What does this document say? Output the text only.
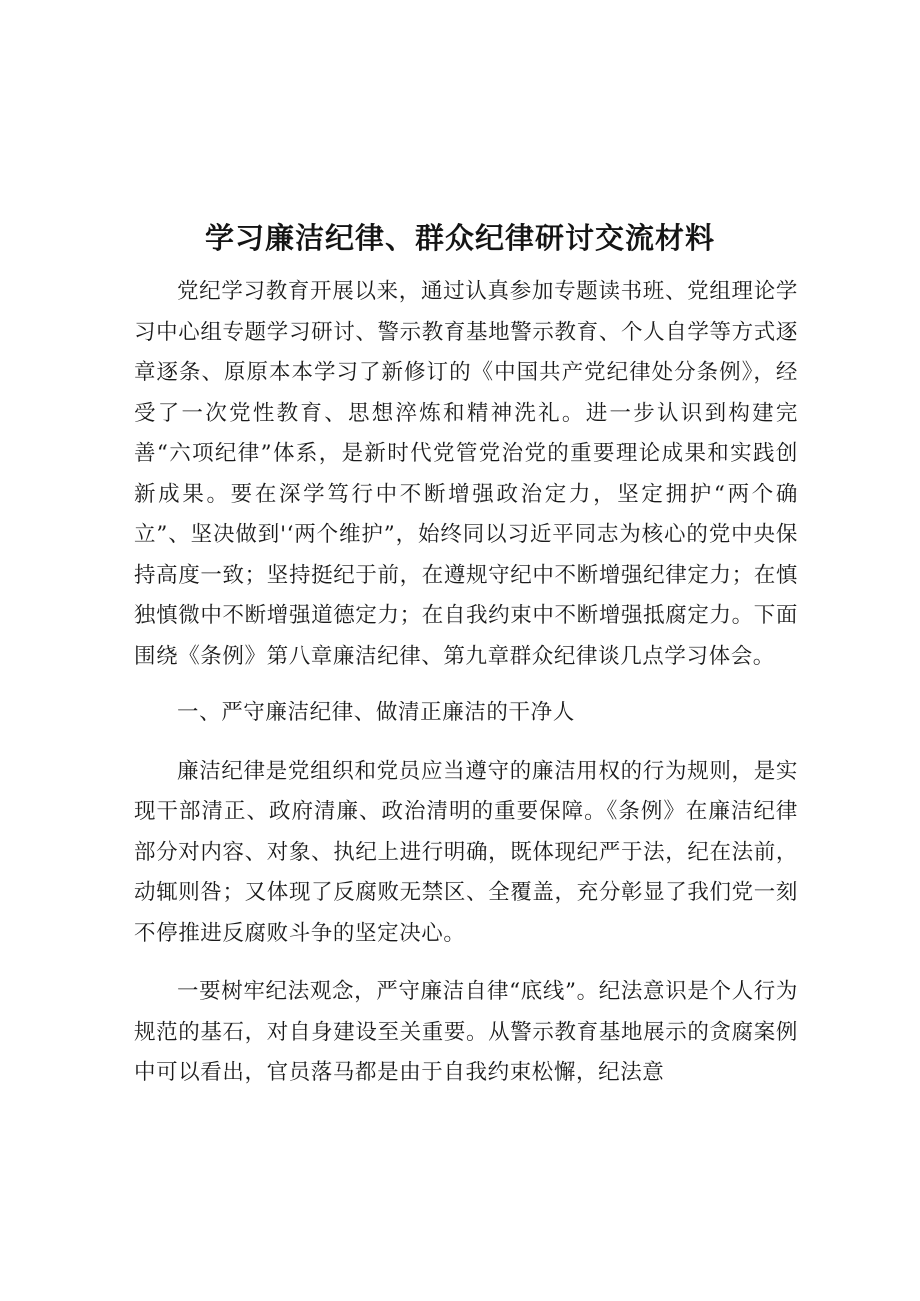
学习廉洁纪律、群众纪律研讨交流材料

党纪学习教育开展以来，通过认真参加专题读书班、党组理论学习中心组专题学习研讨、警示教育基地警示教育、个人自学等方式逐章逐条、原原本本学习了新修订的《中国共产党纪律处分条例》，经受了一次党性教育、思想淬炼和精神洗礼。进一步认识到构建完善“六项纪律”体系，是新时代党管党治党的重要理论成果和实践创新成果。要在深学笃行中不断增强政治定力，坚定拥护“两个确立”、坚决做到'‘两个维护”，始终同以习近平同志为核心的党中央保持高度一致；坚持挺纪于前，在遵规守纪中不断增强纪律定力；在慎独慎微中不断增强道德定力；在自我约束中不断增强抵腐定力。下面围绕《条例》第八章廉洁纪律、第九章群众纪律谈几点学习体会。

一、严守廉洁纪律、做清正廉洁的干净人

廉洁纪律是党组织和党员应当遵守的廉洁用权的行为规则，是实现干部清正、政府清廉、政治清明的重要保障。《条例》在廉洁纪律部分对内容、对象、执纪上进行明确，既体现纪严于法，纪在法前，动辄则咎；又体现了反腐败无禁区、全覆盖，充分彰显了我们党一刻不停推进反腐败斗争的坚定决心。

一要树牢纪法观念，严守廉洁自律“底线”。纪法意识是个人行为规范的基石，对自身建设至关重要。从警示教育基地展示的贪腐案例中可以看出，官员落马都是由于自我约束松懈，纪法意
